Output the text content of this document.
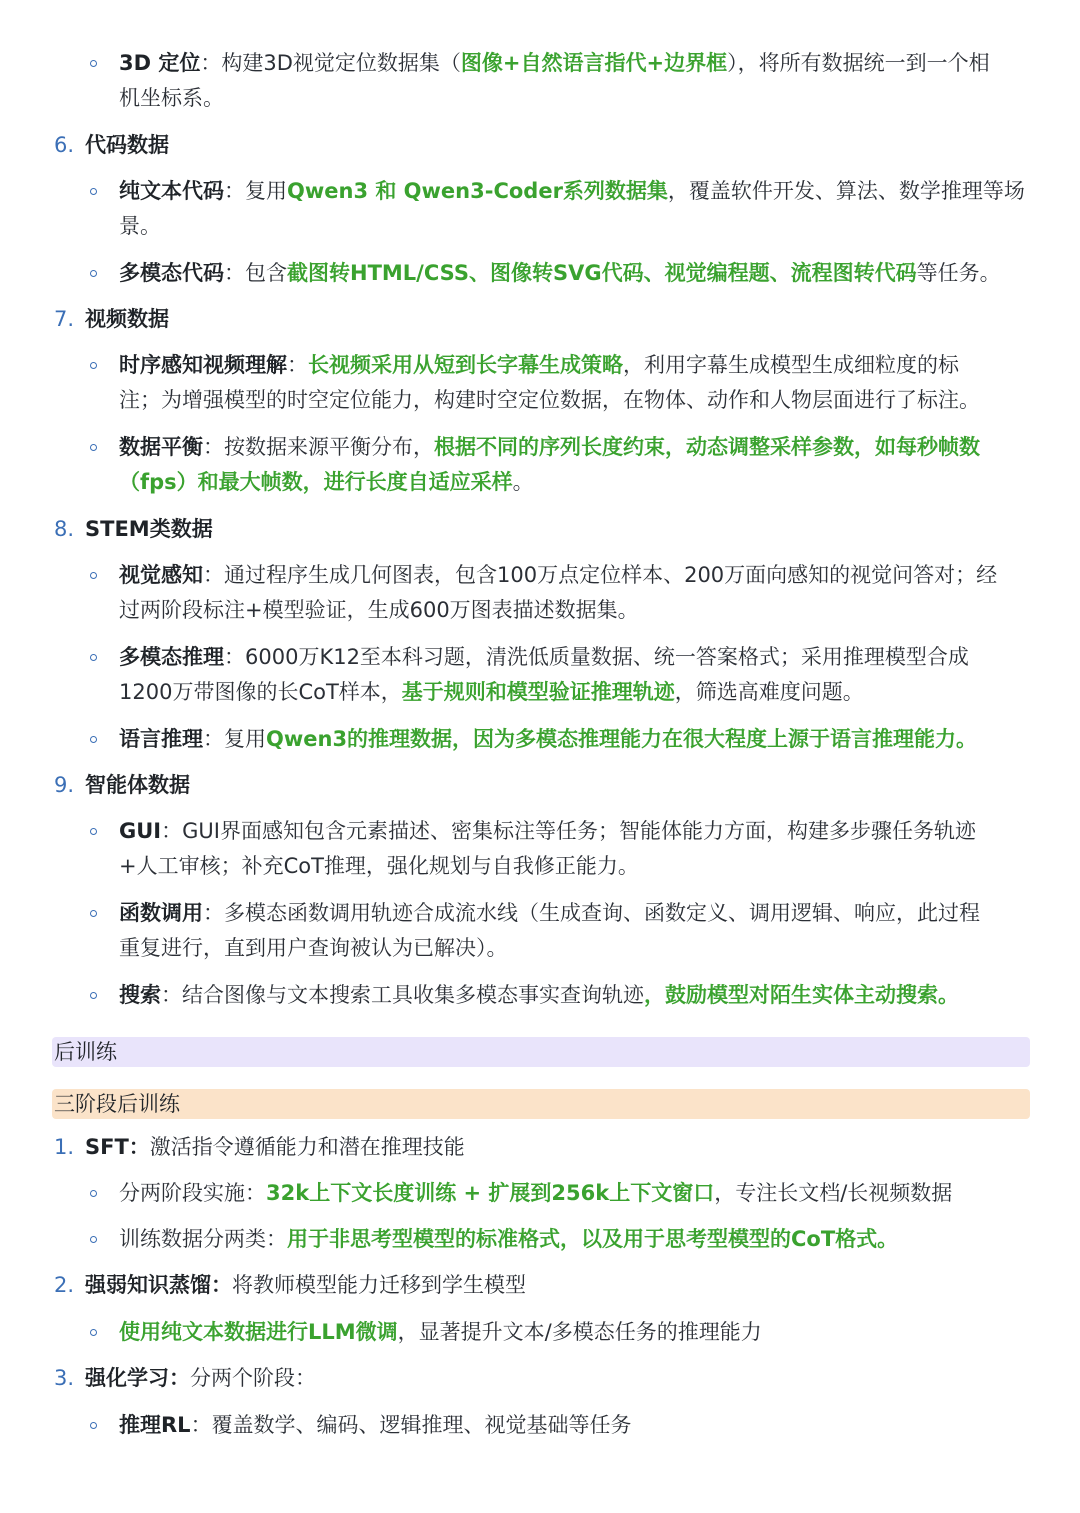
3D 定位：构建3D视觉定位数据集（图像+自然语言指代+边界框），将所有数据统一到一个相
机坐标系。
6. 代码数据
纯文本代码：复用Qwen3 和 Qwen3-Coder系列数据集，覆盖软件开发、算法、数学推理等场
景。
多模态代码：包含截图转HTML/CSS、图像转SVG代码、视觉编程题、流程图转代码等任务。
7. 视频数据
时序感知视频理解：长视频采用从短到长字幕生成策略，利用字幕生成模型生成细粒度的标
注；为增强模型的时空定位能力，构建时空定位数据，在物体、动作和人物层面进行了标注。
数据平衡：按数据来源平衡分布，根据不同的序列长度约束，动态调整采样参数，如每秒帧数
（fps）和最大帧数，进行长度自适应采样。
8. STEM类数据
视觉感知：通过程序生成几何图表，包含100万点定位样本、200万面向感知的视觉问答对；经
过两阶段标注+模型验证，生成600万图表描述数据集。
多模态推理：6000万K12至本科习题，清洗低质量数据、统一答案格式；采用推理模型合成
1200万带图像的长CoT样本，基于规则和模型验证推理轨迹，筛选高难度问题。
语言推理：复用Qwen3的推理数据，因为多模态推理能力在很大程度上源于语言推理能力。
9. 智能体数据
GUI：GUI界面感知包含元素描述、密集标注等任务；智能体能力方面，构建多步骤任务轨迹
+人工审核；补充CoT推理，强化规划与自我修正能力。
函数调用：多模态函数调用轨迹合成流水线（生成查询、函数定义、调用逻辑、响应，此过程
重复进行，直到用户查询被认为已解决）。
搜索：结合图像与文本搜索工具收集多模态事实查询轨迹，鼓励模型对陌生实体主动搜索。
后训练
三阶段后训练
1. SFT：激活指令遵循能力和潜在推理技能
分两阶段实施：32k上下文长度训练 + 扩展到256k上下文窗口，专注长文档/长视频数据
训练数据分两类：用于非思考型模型的标准格式，以及用于思考型模型的CoT格式。
2. 强弱知识蒸馏：将教师模型能力迁移到学生模型
使用纯文本数据进行LLM微调，显著提升文本/多模态任务的推理能力
3. 强化学习：分两个阶段：
推理RL：覆盖数学、编码、逻辑推理、视觉基础等任务
